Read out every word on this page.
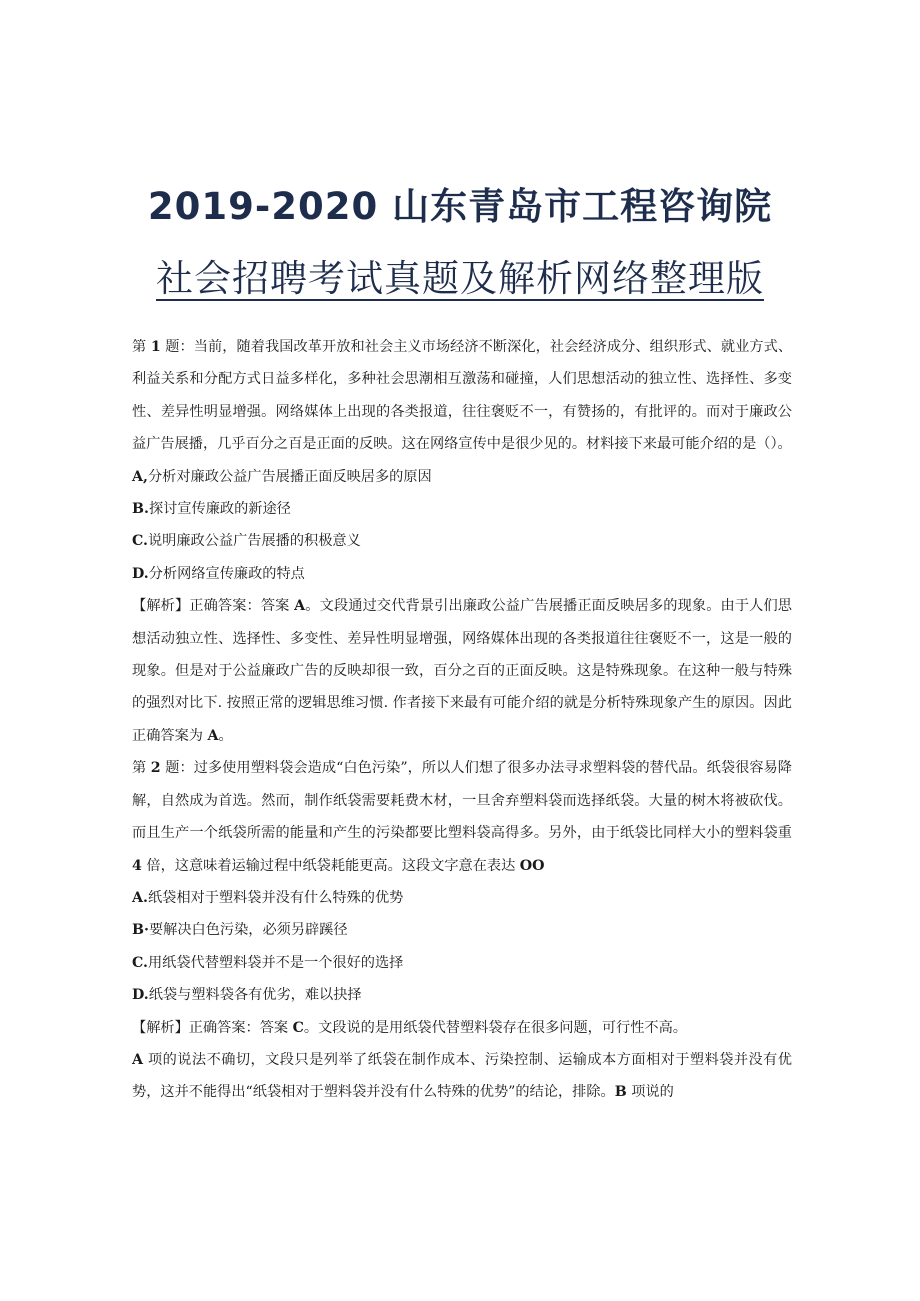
2019-2020 山东青岛市工程咨询院
社会招聘考试真题及解析网络整理版

第 1 题：当前，随着我国改革开放和社会主义市场经济不断深化，社会经济成分、组织形式、就业方式、利益关系和分配方式日益多样化，多种社会思潮相互激荡和碰撞，人们思想活动的独立性、选择性、多变性、差异性明显增强。网络媒体上出现的各类报道，往往褒贬不一，有赞扬的，有批评的。而对于廉政公益广告展播，几乎百分之百是正面的反映。这在网络宣传中是很少见的。材料接下来最可能介绍的是（）。

A,分析对廉政公益广告展播正面反映居多的原因

B.探讨宣传廉政的新途径

C.说明廉政公益广告展播的积极意义

D.分析网络宣传廉政的特点

【解析】正确答案：答案 A。文段通过交代背景引出廉政公益广告展播正面反映居多的现象。由于人们思想活动独立性、选择性、多变性、差异性明显增强，网络媒体出现的各类报道往往褒贬不一，这是一般的现象。但是对于公益廉政广告的反映却很一致，百分之百的正面反映。这是特殊现象。在这种一般与特殊的强烈对比下. 按照正常的逻辑思维习惯. 作者接下来最有可能介绍的就是分析特殊现象产生的原因。因此正确答案为 A。

第 2 题：过多使用塑料袋会造成“白色污染”，所以人们想了很多办法寻求塑料袋的替代品。纸袋很容易降解，自然成为首选。然而，制作纸袋需要耗费木材，一旦舍弃塑料袋而选择纸袋。大量的树木将被砍伐。而且生产一个纸袋所需的能量和产生的污染都要比塑料袋高得多。另外，由于纸袋比同样大小的塑料袋重 4 倍，这意味着运输过程中纸袋耗能更高。这段文字意在表达 OO

A.纸袋相对于塑料袋并没有什么特殊的优势

B·要解决白色污染，必须另辟蹊径

C.用纸袋代替塑料袋并不是一个很好的选择

D.纸袋与塑料袋各有优劣，难以抉择

【解析】正确答案：答案 C。文段说的是用纸袋代替塑料袋存在很多问题，可行性不高。

A 项的说法不确切，文段只是列举了纸袋在制作成本、污染控制、运输成本方面相对于塑料袋并没有优势，这并不能得出“纸袋相对于塑料袋并没有什么特殊的优势”的结论，排除。B 项说的
